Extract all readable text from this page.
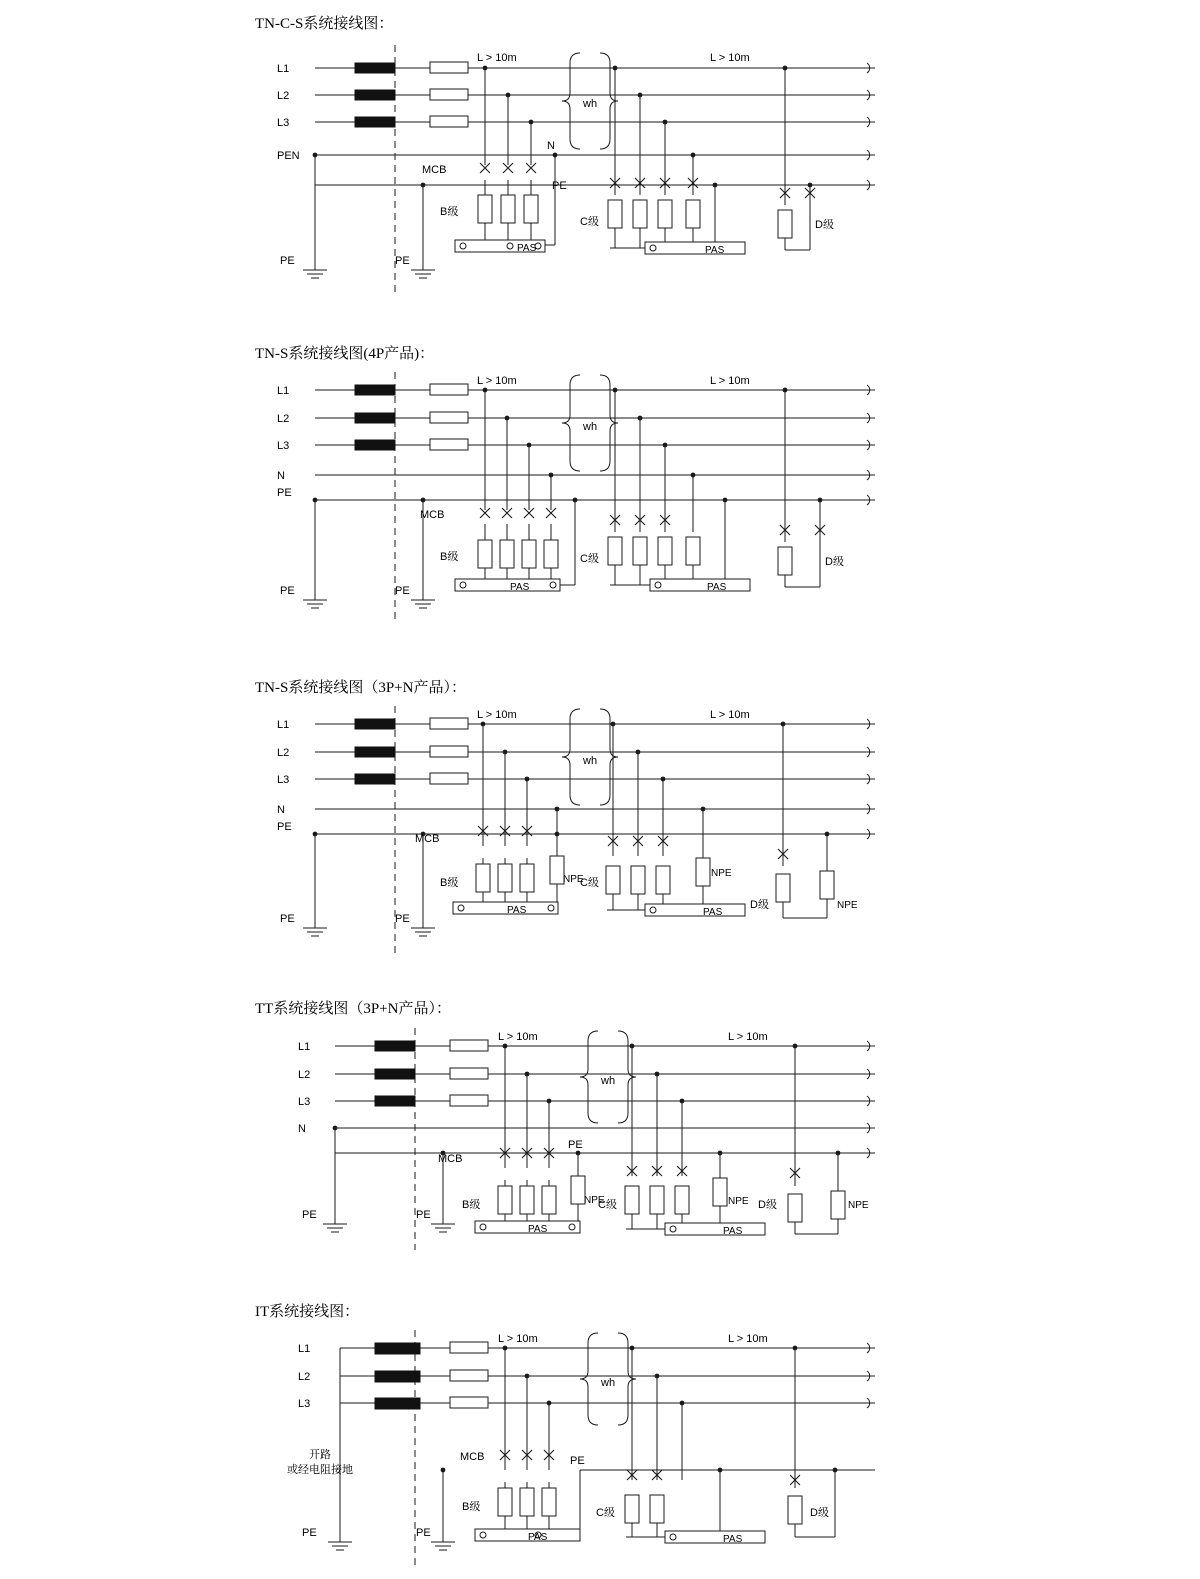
TN-C-S系统接线图：
L1
L2
L3
PEN
PE	PE
L > 10m	L > 10m
wh
MCB
N
PE
B级
C级	D级
PAS	PAS
TN-S系统接线图(4P产品)：
L1
L2
L3
N
PE
PE	PE
L > 10m	L > 10m
wh
MCB
B级	C级	D级
PAS	PAS
TN-S系统接线图（3P+N产品）：
L1
L2
L3
N
PE
PE	PE
L > 10m	L > 10m
wh
MCB
B级	NPE
C级
NPE
D级	NPE
PAS	PAS
TT系统接线图（3P+N产品）：
L1
L2
L3
N
PE	PE
L > 10m	L > 10m
wh
MCB
PE
B级	NPE
C级	NPE D级	NPE
PAS	PAS
IT系统接线图：
L1
L2
L3
开路
或经电阻接地
PE	PE
L > 10m	L > 10m
wh
MCB	PE
B级	C级	D级
PAS	PAS
